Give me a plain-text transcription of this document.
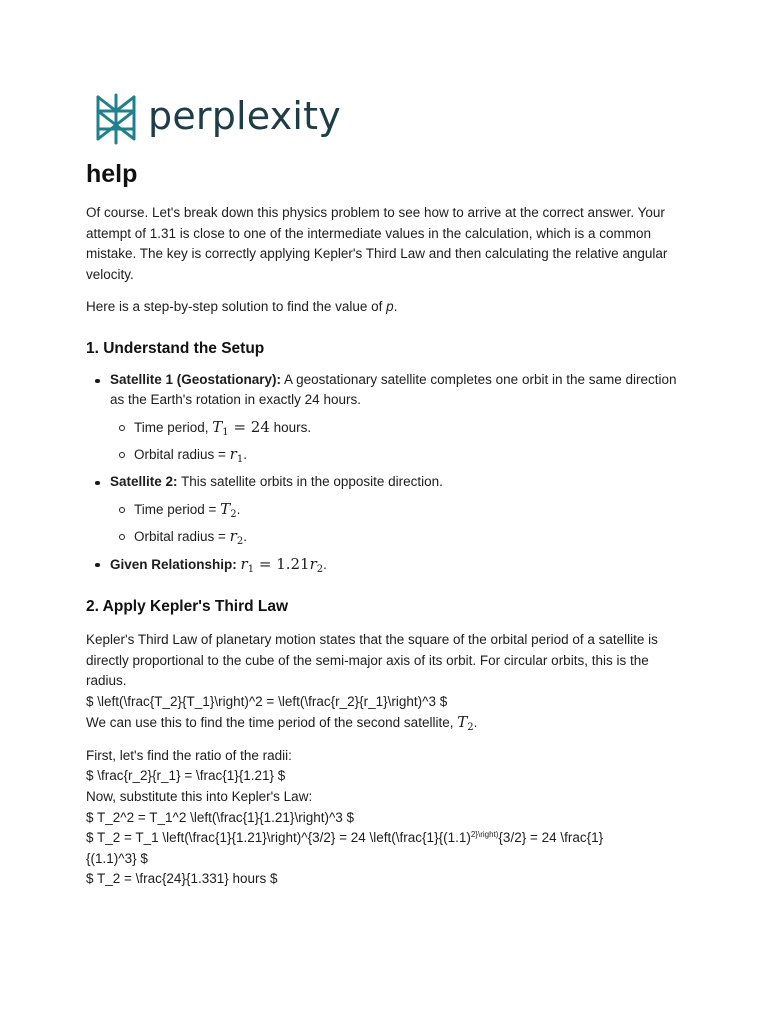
perplexity
help

Of course. Let's break down this physics problem to see how to arrive at the correct answer. Your attempt of 1.31 is close to one of the intermediate values in the calculation, which is a common mistake. The key is correctly applying Kepler's Third Law and then calculating the relative angular velocity.

Here is a step-by-step solution to find the value of p.

1. Understand the Setup
Satellite 1 (Geostationary): A geostationary satellite completes one orbit in the same direction as the Earth's rotation in exactly 24 hours.
Time period, $T_1 = 24$ hours.
Orbital radius = $r_1$.
Satellite 2: This satellite orbits in the opposite direction.
Time period = $T_2$.
Orbital radius = $r_2$.
Given Relationship: $r_1 = 1.21r_2$.
2. Apply Kepler's Third Law

Kepler's Third Law of planetary motion states that the square of the orbital period of a satellite is directly proportional to the cube of the semi-major axis of its orbit. For circular orbits, this is the radius.

$ \left(\frac{T_2}{T_1}\right)^2 = \left(\frac{r_2}{r_1}\right)^3 $

We can use this to find the time period of the second satellite, $T_2$.

First, let's find the ratio of the radii:

$ \frac{r_2}{r_1} = \frac{1}{1.21} $

Now, substitute this into Kepler's Law:

$ T_2^2 = T_1^2 \left(\frac{1}{1.21}\right)^3 $

$ T_2 = T_1 \left(\frac{1}{1.21}\right)^{3/2} = 24 $\backslash left(\backslash frac\{1\}\{(1.1)^{2\}\backslash right)}\{3/2\} = 24$ \frac{1}
{(1.1)^3} $

$ T_2 = \frac{24}{1.331} hours $
